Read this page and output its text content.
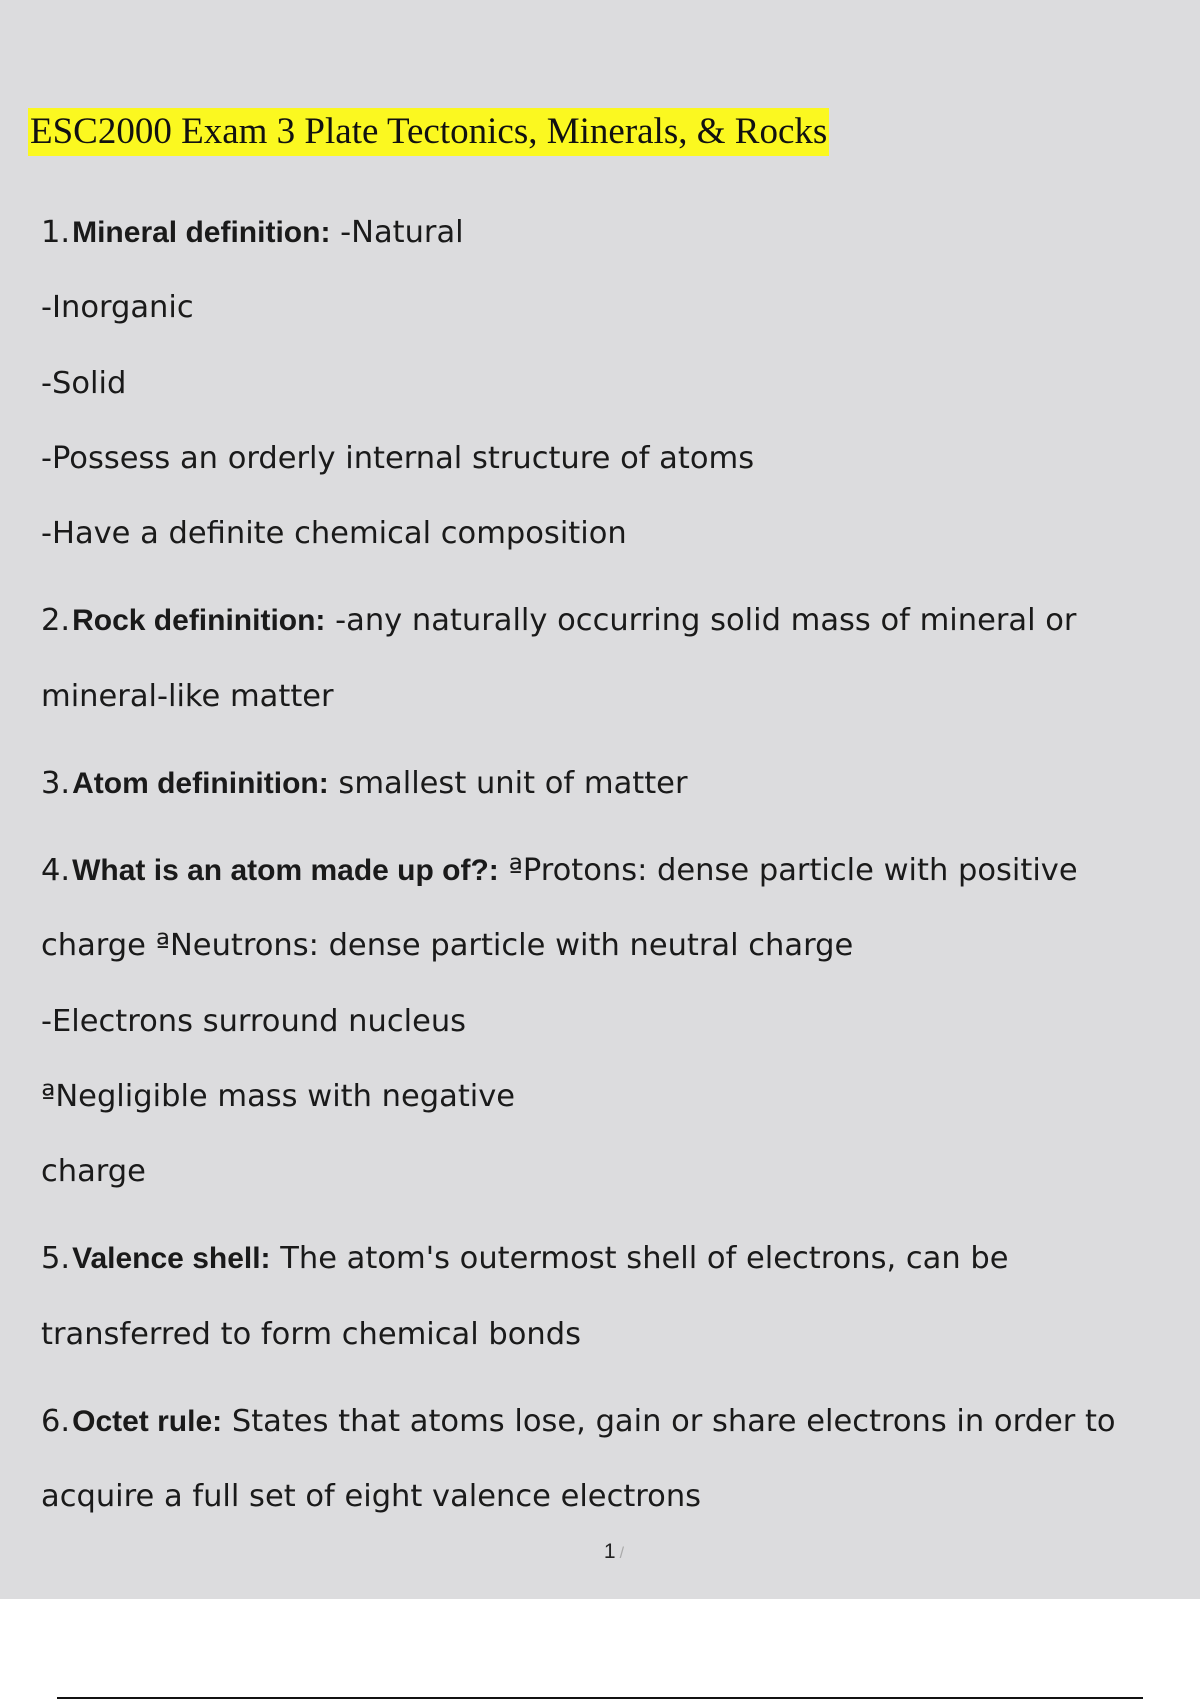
ESC2000 Exam 3 Plate Tectonics, Minerals, & Rocks
1.Mineral definition: -Natural
-Inorganic
-Solid
-Possess an orderly internal structure of atoms
-Have a definite chemical composition
2.Rock defininition: -any naturally occurring solid mass of mineral or
mineral-like matter
3.Atom defininition: smallest unit of matter
4.What is an atom made up of?: ªProtons: dense particle with positive
charge ªNeutrons: dense particle with neutral charge
-Electrons surround nucleus
ªNegligible mass with negative
charge
5.Valence shell: The atom's outermost shell of electrons, can be
transferred to form chemical bonds
6.Octet rule: States that atoms lose, gain or share electrons in order to
acquire a full set of eight valence electrons
1 /
